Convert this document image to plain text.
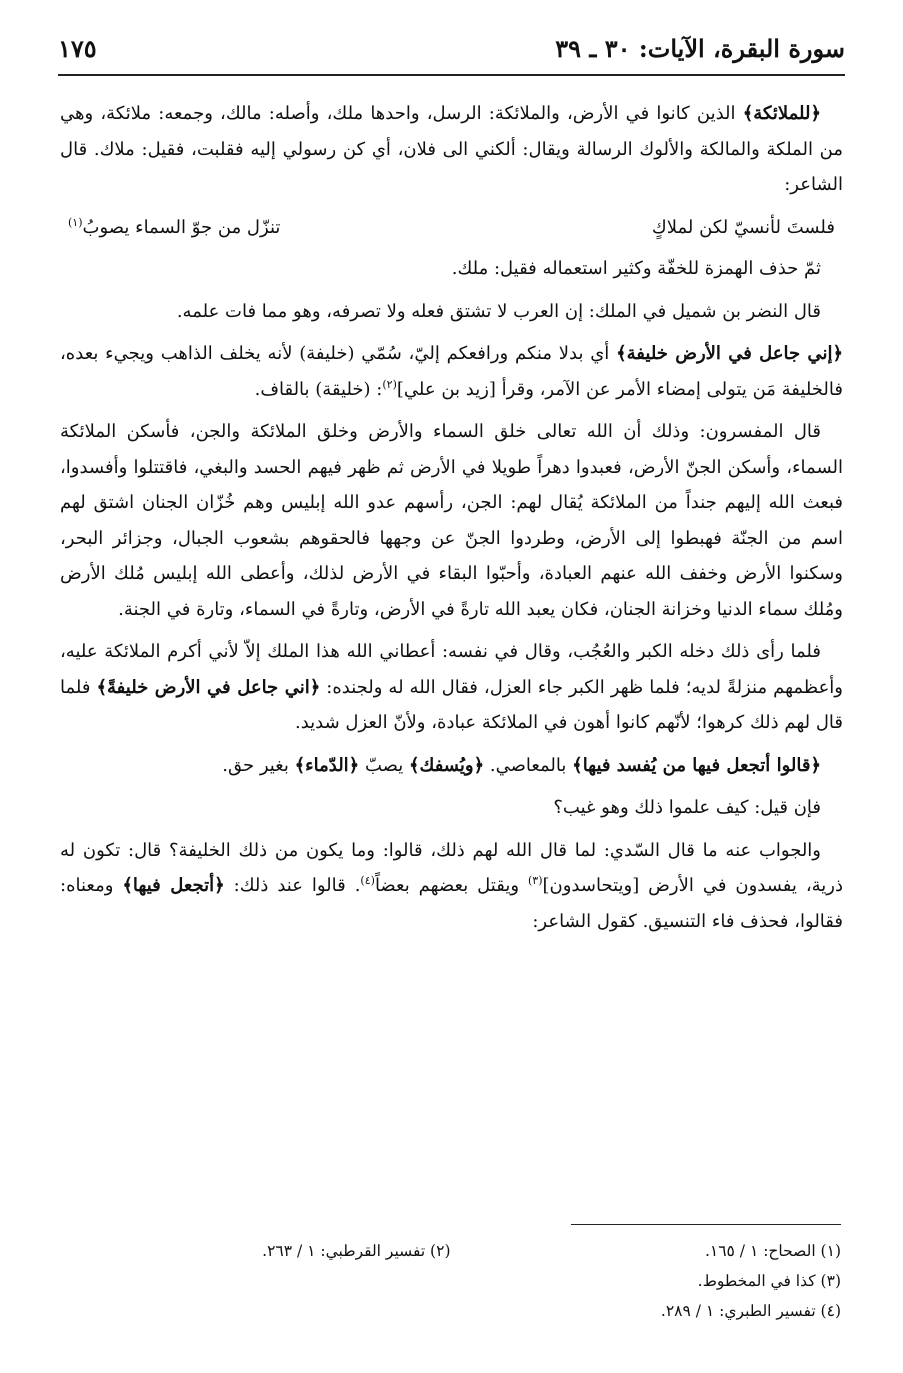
سورة البقرة، الآيات: ٣٠ ـ ٣٩
١٧٥

﴿للملائكة﴾ الذين كانوا في الأرض، والملائكة: الرسل، واحدها ملك، وأصله: مالك، وجمعه: ملائكة، وهي من الملكة والمالكة والألوك الرسالة ويقال: ألكني الى فلان، أي كن رسولي إليه فقلبت، فقيل: ملاك. قال الشاعر:

فلستَ لأنسيّ لكن لملاكٍ
تنزّل من جوّ السماء يصوبُ$^{(١)}$

ثمّ حذف الهمزة للخفّة وكثير استعماله فقيل: ملك.

قال النضر بن شميل في الملك: إن العرب لا تشتق فعله ولا تصرفه، وهو مما فات علمه.

﴿إني جاعل في الأرض خليفة﴾ أي بدلا منكم ورافعكم إليّ، سُمّي (خليفة) لأنه يخلف الذاهب ويجيء بعده، فالخليفة مَن يتولى إمضاء الأمر عن الآمر، وقرأ [زيد بن علي]$^{(٢)}$: (خليقة) بالقاف.

قال المفسرون: وذلك أن الله تعالى خلق السماء والأرض وخلق الملائكة والجن، فأسكن الملائكة السماء، وأسكن الجنّ الأرض، فعبدوا دهراً طويلا في الأرض ثم ظهر فيهم الحسد والبغي، فاقتتلوا وأفسدوا، فبعث الله إليهم جنداً من الملائكة يُقال لهم: الجن، رأسهم عدو الله إبليس وهم خُزّان الجنان اشتق لهم اسم من الجنّة فهبطوا إلى الأرض، وطردوا الجنّ عن وجهها فالحقوهم بشعوب الجبال، وجزائر البحر، وسكنوا الأرض وخفف الله عنهم العبادة، وأحبّوا البقاء في الأرض لذلك، وأعطى الله إبليس مُلك الأرض ومُلك سماء الدنيا وخزانة الجنان، فكان يعبد الله تارةً في الأرض، وتارةً في السماء، وتارة في الجنة.

فلما رأى ذلك دخله الكبر والعُجُب، وقال في نفسه: أعطاني الله هذا الملك إلاّ لأني أكرم الملائكة عليه، وأعظمهم منزلةً لديه؛ فلما ظهر الكبر جاء العزل، فقال الله له ولجنده: ﴿اني جاعل في الأرض خليفةً﴾ فلما قال لهم ذلك كرهوا؛ لأنّهم كانوا أهون في الملائكة عبادة، ولأنّ العزل شديد.

﴿قالوا أتجعل فيها من يُفسد فيها﴾ بالمعاصي. ﴿ويُسفك﴾ يصبّ ﴿الدّماء﴾ بغير حق.

فإن قيل: كيف علموا ذلك وهو غيب؟

والجواب عنه ما قال السّدي: لما قال الله لهم ذلك، قالوا: وما يكون من ذلك الخليفة؟ قال: تكون له ذرية، يفسدون في الأرض [ويتحاسدون]$^{(٣)}$ ويقتل بعضهم بعضاً$^{(٤)}$. قالوا عند ذلك: ﴿أتجعل فيها﴾ ومعناه: فقالوا، فحذف فاء التنسيق. كقول الشاعر:

(١) الصحاح: ١ / ١٦٥.
(٢) تفسير القرطبي: ١ / ٢٦٣.
(٣) كذا في المخطوط.
(٤) تفسير الطبري: ١ / ٢٨٩.
